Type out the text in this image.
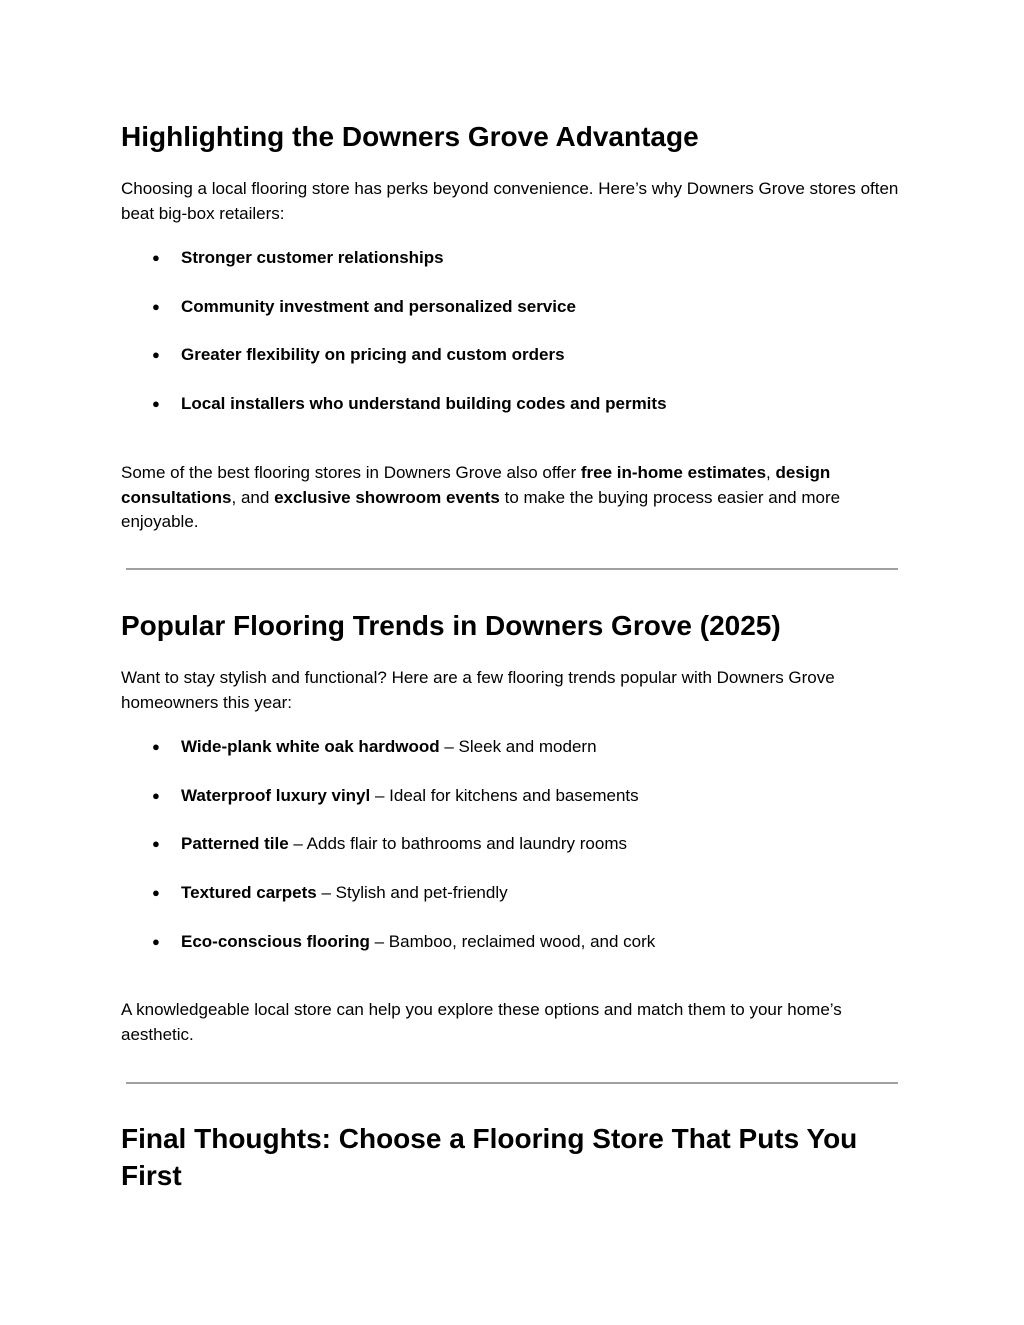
Highlighting the Downers Grove Advantage

Choosing a local flooring store has perks beyond convenience. Here’s why Downers Grove stores often beat big-box retailers:

● Stronger customer relationships
● Community investment and personalized service
● Greater flexibility on pricing and custom orders
● Local installers who understand building codes and permits

Some of the best flooring stores in Downers Grove also offer free in-home estimates, design consultations, and exclusive showroom events to make the buying process easier and more enjoyable.

Popular Flooring Trends in Downers Grove (2025)

Want to stay stylish and functional? Here are a few flooring trends popular with Downers Grove homeowners this year:

● Wide-plank white oak hardwood – Sleek and modern
● Waterproof luxury vinyl – Ideal for kitchens and basements
● Patterned tile – Adds flair to bathrooms and laundry rooms
● Textured carpets – Stylish and pet-friendly
● Eco-conscious flooring – Bamboo, reclaimed wood, and cork

A knowledgeable local store can help you explore these options and match them to your home’s aesthetic.

Final Thoughts: Choose a Flooring Store That Puts You First
